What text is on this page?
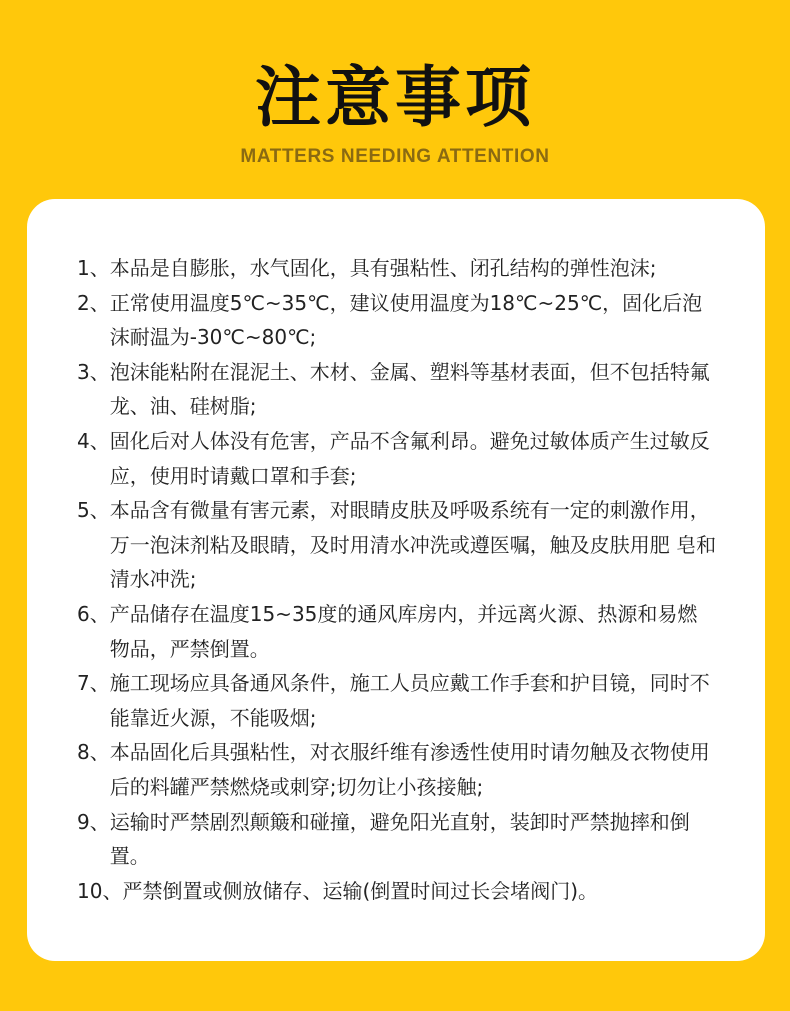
注意事项
MATTERS NEEDING ATTENTION
1、 本品是自膨胀，水气固化，具有强粘性、闭孔结构的弹性泡沫;
2、 正常使用温度5℃~35℃，建议使用温度为18℃~25℃，固化后泡沫耐温为-30℃~80℃;
3、 泡沫能粘附在混泥土、木材、金属、塑料等基材表面，但不包括特氟龙、油、硅树脂;
4、 固化后对人体没有危害，产品不含氟利昂。避免过敏体质产生过敏反应，使用时请戴口罩和手套;
5、 本品含有微量有害元素，对眼睛皮肤及呼吸系统有一定的刺激作用，万一泡沫剂粘及眼睛，及时用清水冲洗或遵医嘱，触及皮肤用肥 皂和清水冲洗;
6、 产品储存在温度15~35度的通风库房内，并远离火源、热源和易燃物品，严禁倒置。
7、 施工现场应具备通风条件，施工人员应戴工作手套和护目镜，同时不能靠近火源，不能吸烟;
8、 本品固化后具强粘性，对衣服纤维有渗透性使用时请勿触及衣物使用后的料罐严禁燃烧或刺穿;切勿让小孩接触;
9、 运输时严禁剧烈颠簸和碰撞，避免阳光直射，装卸时严禁抛摔和倒置。
10、 严禁倒置或侧放储存、运输(倒置时间过长会堵阀门)。
